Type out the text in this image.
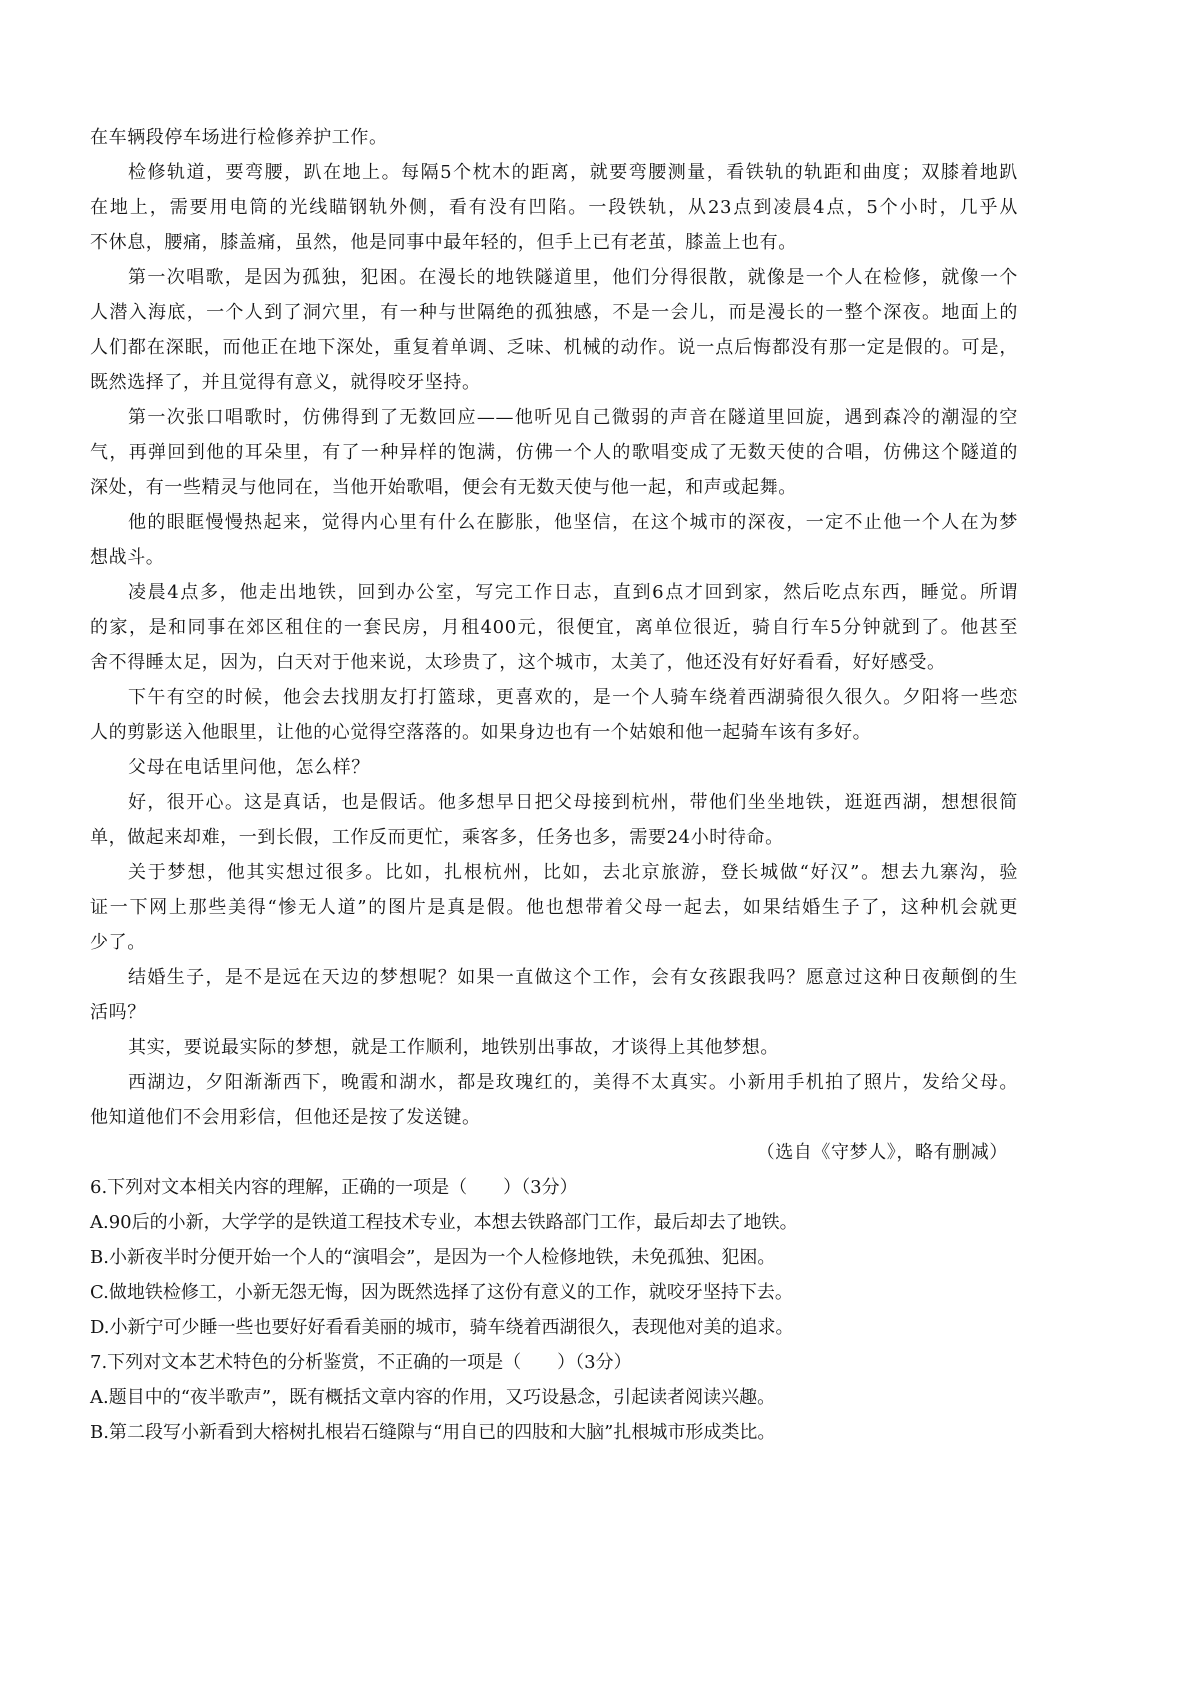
在车辆段停车场进行检修养护工作。
检修轨道，要弯腰，趴在地上。每隔5个枕木的距离，就要弯腰测量，看铁轨的轨距和曲度；双膝着地趴
在地上，需要用电筒的光线瞄钢轨外侧，看有没有凹陷。一段铁轨，从23点到凌晨4点，5个小时，几乎从
不休息，腰痛，膝盖痛，虽然，他是同事中最年轻的，但手上已有老茧，膝盖上也有。
第一次唱歌，是因为孤独，犯困。在漫长的地铁隧道里，他们分得很散，就像是一个人在检修，就像一个
人潜入海底，一个人到了洞穴里，有一种与世隔绝的孤独感，不是一会儿，而是漫长的一整个深夜。地面上的
人们都在深眠，而他正在地下深处，重复着单调、乏味、机械的动作。说一点后悔都没有那一定是假的。可是，
既然选择了，并且觉得有意义，就得咬牙坚持。
第一次张口唱歌时，仿佛得到了无数回应——他听见自己微弱的声音在隧道里回旋，遇到森冷的潮湿的空
气，再弹回到他的耳朵里，有了一种异样的饱满，仿佛一个人的歌唱变成了无数天使的合唱，仿佛这个隧道的
深处，有一些精灵与他同在，当他开始歌唱，便会有无数天使与他一起，和声或起舞。
他的眼眶慢慢热起来，觉得内心里有什么在膨胀，他坚信，在这个城市的深夜，一定不止他一个人在为梦
想战斗。
凌晨4点多，他走出地铁，回到办公室，写完工作日志，直到6点才回到家，然后吃点东西，睡觉。所谓
的家，是和同事在郊区租住的一套民房，月租400元，很便宜，离单位很近，骑自行车5分钟就到了。他甚至
舍不得睡太足，因为，白天对于他来说，太珍贵了，这个城市，太美了，他还没有好好看看，好好感受。
下午有空的时候，他会去找朋友打打篮球，更喜欢的，是一个人骑车绕着西湖骑很久很久。夕阳将一些恋
人的剪影送入他眼里，让他的心觉得空落落的。如果身边也有一个姑娘和他一起骑车该有多好。
父母在电话里问他，怎么样？
好，很开心。这是真话，也是假话。他多想早日把父母接到杭州，带他们坐坐地铁，逛逛西湖，想想很简
单，做起来却难，一到长假，工作反而更忙，乘客多，任务也多，需要24小时待命。
关于梦想，他其实想过很多。比如，扎根杭州，比如，去北京旅游，登长城做“好汉”。想去九寨沟，验
证一下网上那些美得“惨无人道”的图片是真是假。他也想带着父母一起去，如果结婚生子了，这种机会就更
少了。
结婚生子，是不是远在天边的梦想呢？如果一直做这个工作，会有女孩跟我吗？愿意过这种日夜颠倒的生
活吗？
其实，要说最实际的梦想，就是工作顺利，地铁别出事故，才谈得上其他梦想。
西湖边，夕阳渐渐西下，晚霞和湖水，都是玫瑰红的，美得不太真实。小新用手机拍了照片，发给父母。
他知道他们不会用彩信，但他还是按了发送键。
（选自《守梦人》，略有删减）
6.下列对文本相关内容的理解，正确的一项是（　　）（3分）
A.90后的小新，大学学的是铁道工程技术专业，本想去铁路部门工作，最后却去了地铁。
B.小新夜半时分便开始一个人的“演唱会”，是因为一个人检修地铁，未免孤独、犯困。
C.做地铁检修工，小新无怨无悔，因为既然选择了这份有意义的工作，就咬牙坚持下去。
D.小新宁可少睡一些也要好好看看美丽的城市，骑车绕着西湖很久，表现他对美的追求。
7.下列对文本艺术特色的分析鉴赏，不正确的一项是（　　）（3分）
A.题目中的“夜半歌声”，既有概括文章内容的作用，又巧设悬念，引起读者阅读兴趣。
B.第二段写小新看到大榕树扎根岩石缝隙与“用自已的四肢和大脑”扎根城市形成类比。
